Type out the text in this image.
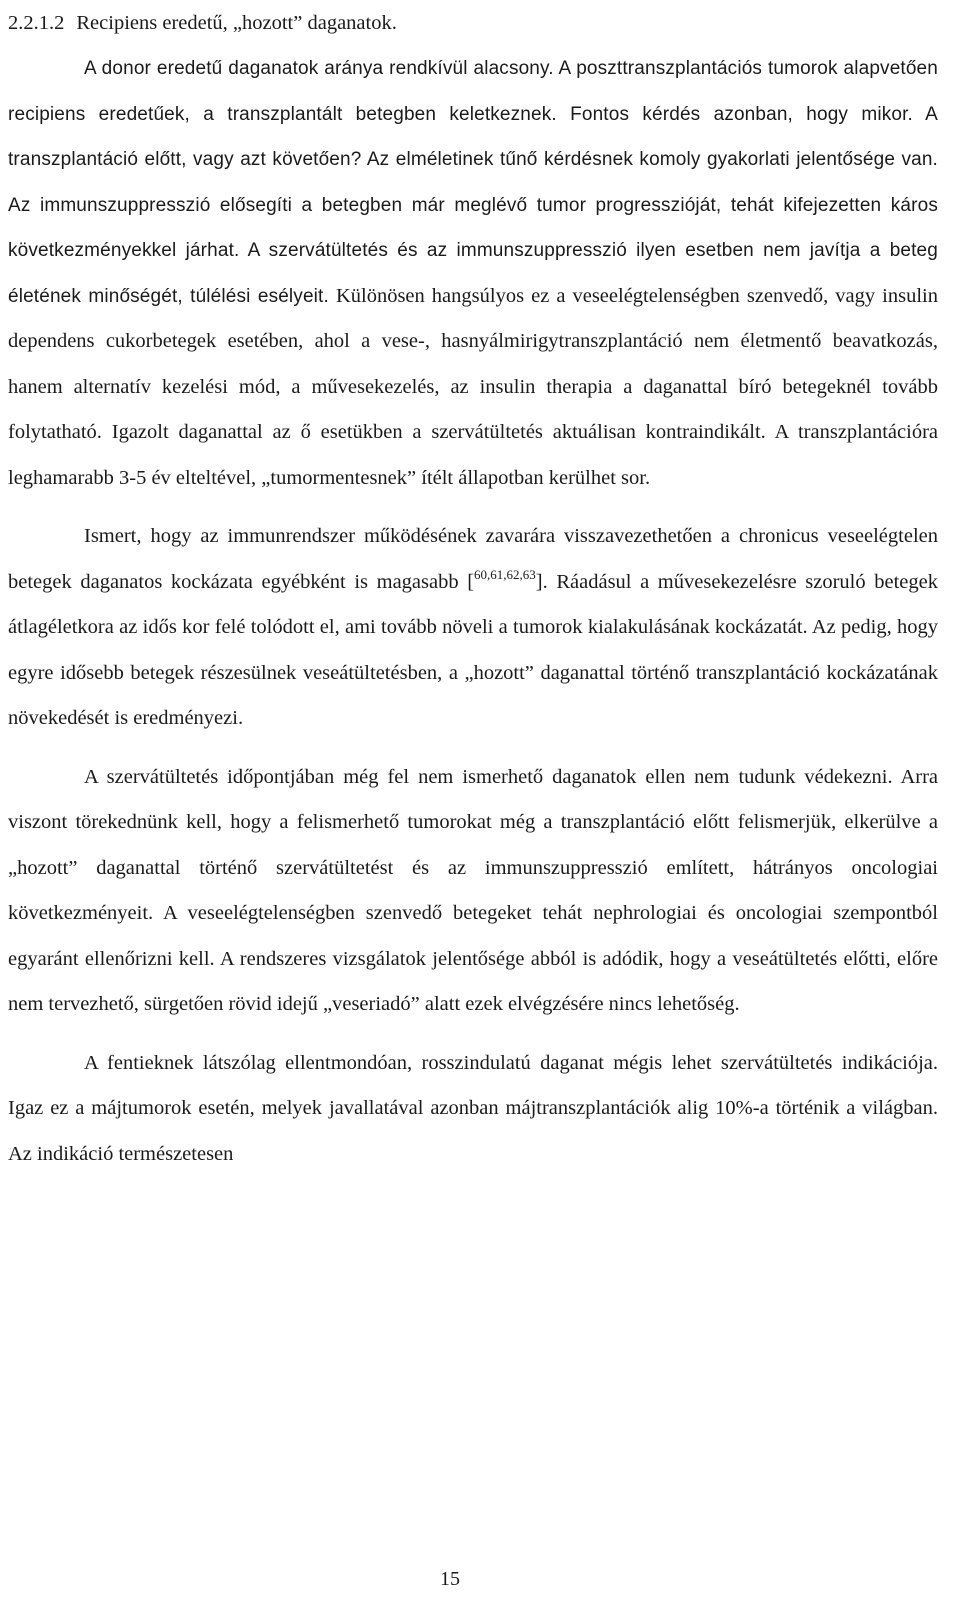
2.2.1.2 Recipiens eredetű, „hozott” daganatok.

A donor eredetű daganatok aránya rendkívül alacsony. A poszttranszplantációs tumorok alapvetően recipiens eredetűek, a transzplantált betegben keletkeznek. Fontos kérdés azonban, hogy mikor. A transzplantáció előtt, vagy azt követően? Az elméletinek tűnő kérdésnek komoly gyakorlati jelentősége van. Az immunszuppresszió elősegíti a betegben már meglévő tumor progresszióját, tehát kifejezetten káros következményekkel járhat. A szervátültetés és az immunszuppresszió ilyen esetben nem javítja a beteg életének minőségét, túlélési esélyeit. Különösen hangsúlyos ez a veseelégtelenségben szenvedő, vagy insulin dependens cukorbetegek esetében, ahol a vese-, hasnyálmirigytranszplantáció nem életmentő beavatkozás, hanem alternatív kezelési mód, a művesekezelés, az insulin therapia a daganattal bíró betegeknél tovább folytatható. Igazolt daganattal az ő esetükben a szervátültetés aktuálisan kontraindikált. A transzplantációra leghamarabb 3-5 év elteltével, „tumormentesnek” ítélt állapotban kerülhet sor.

Ismert, hogy az immunrendszer működésének zavarára visszavezethetően a chronicus veseelégtelen betegek daganatos kockázata egyébként is magasabb [$^{60,61,62,63}$]. Ráadásul a művesekezelésre szoruló betegek átlagéletkora az idős kor felé tolódott el, ami tovább növeli a tumorok kialakulásának kockázatát. Az pedig, hogy egyre idősebb betegek részesülnek veseátültetésben, a „hozott” daganattal történő transzplantáció kockázatának növekedését is eredményezi.

A szervátültetés időpontjában még fel nem ismerhető daganatok ellen nem tudunk védekezni. Arra viszont törekednünk kell, hogy a felismerhető tumorokat még a transzplantáció előtt felismerjük, elkerülve a „hozott” daganattal történő szervátültetést és az immunszuppresszió említett, hátrányos oncologiai következményeit. A veseelégtelenségben szenvedő betegeket tehát nephrologiai és oncologiai szempontból egyaránt ellenőrizni kell. A rendszeres vizsgálatok jelentősége abból is adódik, hogy a veseátültetés előtti, előre nem tervezhető, sürgetően rövid idejű „veseriadó” alatt ezek elvégzésére nincs lehetőség.

A fentieknek látszólag ellentmondóan, rosszindulatú daganat mégis lehet szervátültetés indikációja. Igaz ez a májtumorok esetén, melyek javallatával azonban májtranszplantációk alig 10%-a történik a világban. Az indikáció természetesen

15
